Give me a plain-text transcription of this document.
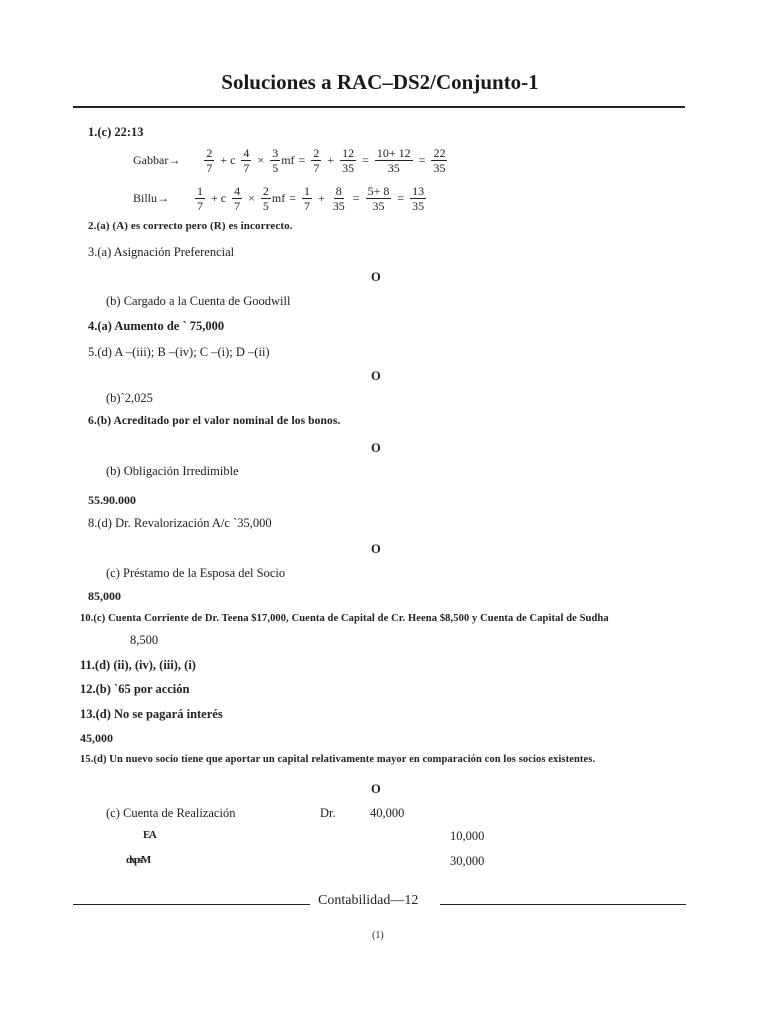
Soluciones a RAC–DS2/Conjunto-1
1.(c) 22:13
Gabbar→ $\frac{2}{7} + c \frac{4}{7} \times \frac{3}{5}$ mf = $\frac{2}{7} + \frac{12}{35} = \frac{10+ 12}{35} = \frac{22}{35}$
Billu→ $\frac{1}{7} + c \frac{4}{7} \times \frac{2}{5}$ mf = $\frac{1}{7} + \frac{8}{35} = \frac{5+ 8}{35} = \frac{13}{35}$
2.(a) (A) es correcto pero (R) es incorrecto.
3.(a) Asignación Preferencial
O
(b) Cargado a la Cuenta de Goodwill
4.(a) Aumento de ` 75,000
5.(d) A –(iii); B –(iv); C –(i); D –(ii)
O
(b)`2,025
6.(b) Acreditado por el valor nominal de los bonos.
O
(b) Obligación Irredimible
55.90.000
8.(d) Dr. Revalorización A/c `35,000
O
(c) Préstamo de la Esposa del Socio
85,000
10.(c) Cuenta Corriente de Dr. Teena $17,000, Cuenta de Capital de Cr. Heena $8,500 y Cuenta de Capital de Sudha
8,500
11.(d) (ii), (iv), (iii), (i)
12.(b) `65 por acción
13.(d) No se pagará interés
45,000
15.(d) Un nuevo socio tiene que aportar un capital relativamente mayor en comparación con los socios existentes.
O
(c) Cuenta de Realización	Dr.	40,000
EA	10,000
dxpsM	30,000
Contabilidad—12
(1)
